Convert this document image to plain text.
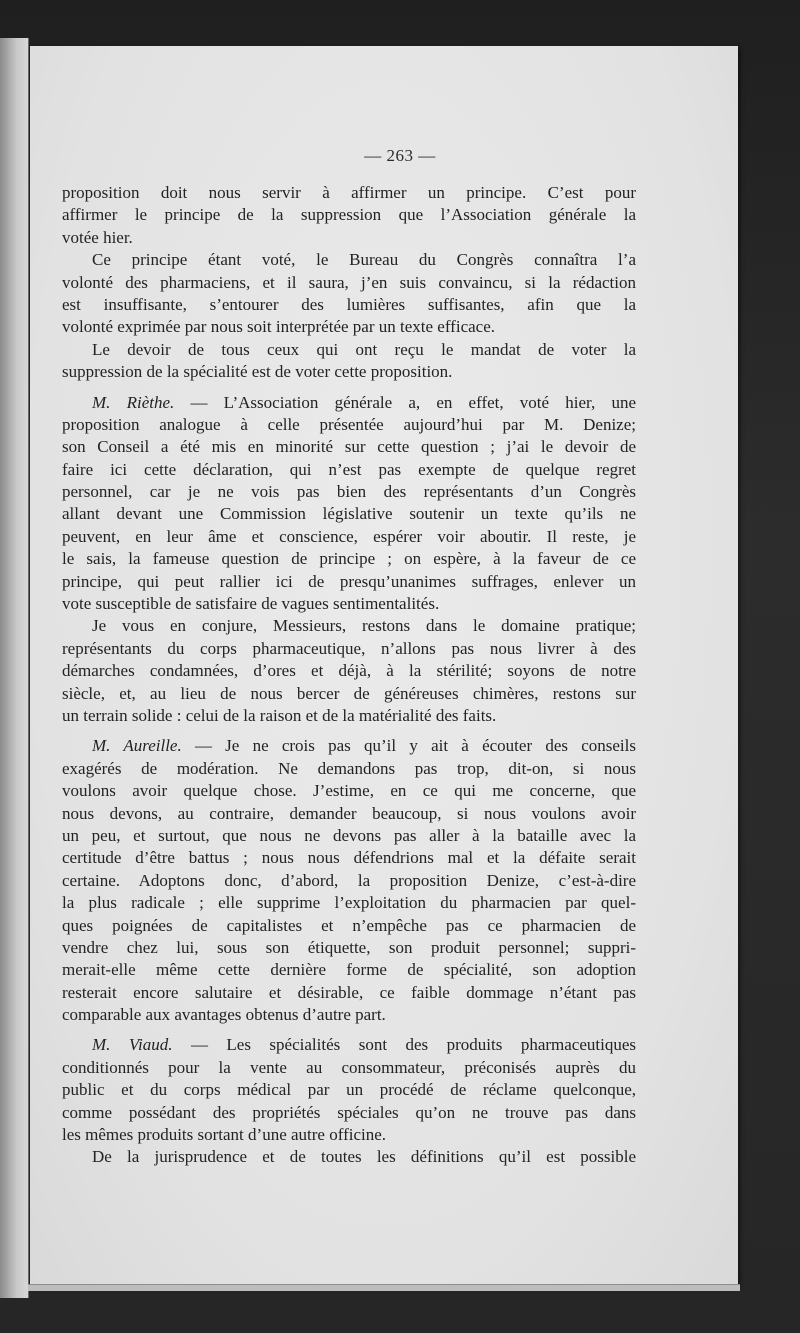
— 263 —
proposition doit nous servir à affirmer un principe. C’est pour
affirmer le principe de la suppression que l’Association générale la
votée hier.
Ce principe étant voté, le Bureau du Congrès connaîtra l’a
volonté des pharmaciens, et il saura, j’en suis convaincu, si la rédaction
est insuffisante, s’entourer des lumières suffisantes, afin que la
volonté exprimée par nous soit interprétée par un texte efficace.
Le devoir de tous ceux qui ont reçu le mandat de voter la
suppression de la spécialité est de voter cette proposition.
M. Rièthe. — L’Association générale a, en effet, voté hier, une
proposition analogue à celle présentée aujourd’hui par M. Denize;
son Conseil a été mis en minorité sur cette question ; j’ai le devoir de
faire ici cette déclaration, qui n’est pas exempte de quelque regret
personnel, car je ne vois pas bien des représentants d’un Congrès
allant devant une Commission législative soutenir un texte qu’ils ne
peuvent, en leur âme et conscience, espérer voir aboutir. Il reste, je
le sais, la fameuse question de principe ; on espère, à la faveur de ce
principe, qui peut rallier ici de presqu’unanimes suffrages, enlever un
vote susceptible de satisfaire de vagues sentimentalités.
Je vous en conjure, Messieurs, restons dans le domaine pratique;
représentants du corps pharmaceutique, n’allons pas nous livrer à des
démarches condamnées, d’ores et déjà, à la stérilité; soyons de notre
siècle, et, au lieu de nous bercer de généreuses chimères, restons sur
un terrain solide : celui de la raison et de la matérialité des faits.
M. Aureille. — Je ne crois pas qu’il y ait à écouter des conseils
exagérés de modération. Ne demandons pas trop, dit-on, si nous
voulons avoir quelque chose. J’estime, en ce qui me concerne, que
nous devons, au contraire, demander beaucoup, si nous voulons avoir
un peu, et surtout, que nous ne devons pas aller à la bataille avec la
certitude d’être battus ; nous nous défendrions mal et la défaite serait
certaine. Adoptons donc, d’abord, la proposition Denize, c’est-à-dire
la plus radicale ; elle supprime l’exploitation du pharmacien par quel-
ques poignées de capitalistes et n’empêche pas ce pharmacien de
vendre chez lui, sous son étiquette, son produit personnel; suppri-
merait-elle même cette dernière forme de spécialité, son adoption
resterait encore salutaire et désirable, ce faible dommage n’étant pas
comparable aux avantages obtenus d’autre part.
M. Viaud. — Les spécialités sont des produits pharmaceutiques
conditionnés pour la vente au consommateur, préconisés auprès du
public et du corps médical par un procédé de réclame quelconque,
comme possédant des propriétés spéciales qu’on ne trouve pas dans
les mêmes produits sortant d’une autre officine.
De la jurisprudence et de toutes les définitions qu’il est possible
